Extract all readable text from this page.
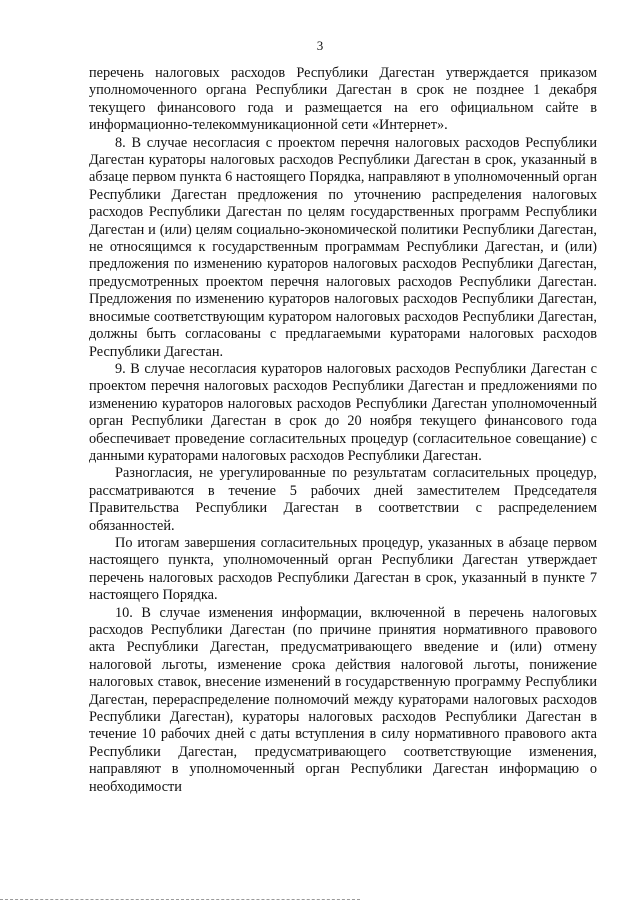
3

перечень налоговых расходов Республики Дагестан утверждается приказом уполномоченного органа Республики Дагестан в срок не позднее 1 декабря текущего финансового года и размещается на его официальном сайте в информационно-телекоммуникационной сети «Интернет».

8. В случае несогласия с проектом перечня налоговых расходов Республики Дагестан кураторы налоговых расходов Республики Дагестан в срок, указанный в абзаце первом пункта 6 настоящего Порядка, направляют в уполномоченный орган Республики Дагестан предложения по уточнению распределения налоговых расходов Республики Дагестан по целям государственных программ Республики Дагестан и (или) целям социально-экономической политики Республики Дагестан, не относящимся к государственным программам Республики Дагестан, и (или) предложения по изменению кураторов налоговых расходов Республики Дагестан, предусмотренных проектом перечня налоговых расходов Республики Дагестан. Предложения по изменению кураторов налоговых расходов Республики Дагестан, вносимые соответствующим куратором налоговых расходов Республики Дагестан, должны быть согласованы с предлагаемыми кураторами налоговых расходов Республики Дагестан.

9. В случае несогласия кураторов налоговых расходов Республики Дагестан с проектом перечня налоговых расходов Республики Дагестан и предложениями по изменению кураторов налоговых расходов Республики Дагестан уполномоченный орган Республики Дагестан в срок до 20 ноября текущего финансового года обеспечивает проведение согласительных процедур (согласительное совещание) с данными кураторами налоговых расходов Республики Дагестан.

Разногласия, не урегулированные по результатам согласительных процедур, рассматриваются в течение 5 рабочих дней заместителем Председателя Правительства Республики Дагестан в соответствии с распределением обязанностей.

По итогам завершения согласительных процедур, указанных в абзаце первом настоящего пункта, уполномоченный орган Республики Дагестан утверждает перечень налоговых расходов Республики Дагестан в срок, указанный в пункте 7 настоящего Порядка.

10. В случае изменения информации, включенной в перечень налоговых расходов Республики Дагестан (по причине принятия нормативного правового акта Республики Дагестан, предусматривающего введение и (или) отмену налоговой льготы, изменение срока действия налоговой льготы, понижение налоговых ставок, внесение изменений в государственную программу Республики Дагестан, перераспределение полномочий между кураторами налоговых расходов Республики Дагестан), кураторы налоговых расходов Республики Дагестан в течение 10 рабочих дней с даты вступления в силу нормативного правового акта Республики Дагестан, предусматривающего соответствующие изменения, направляют в уполномоченный орган Республики Дагестан информацию о необходимости
